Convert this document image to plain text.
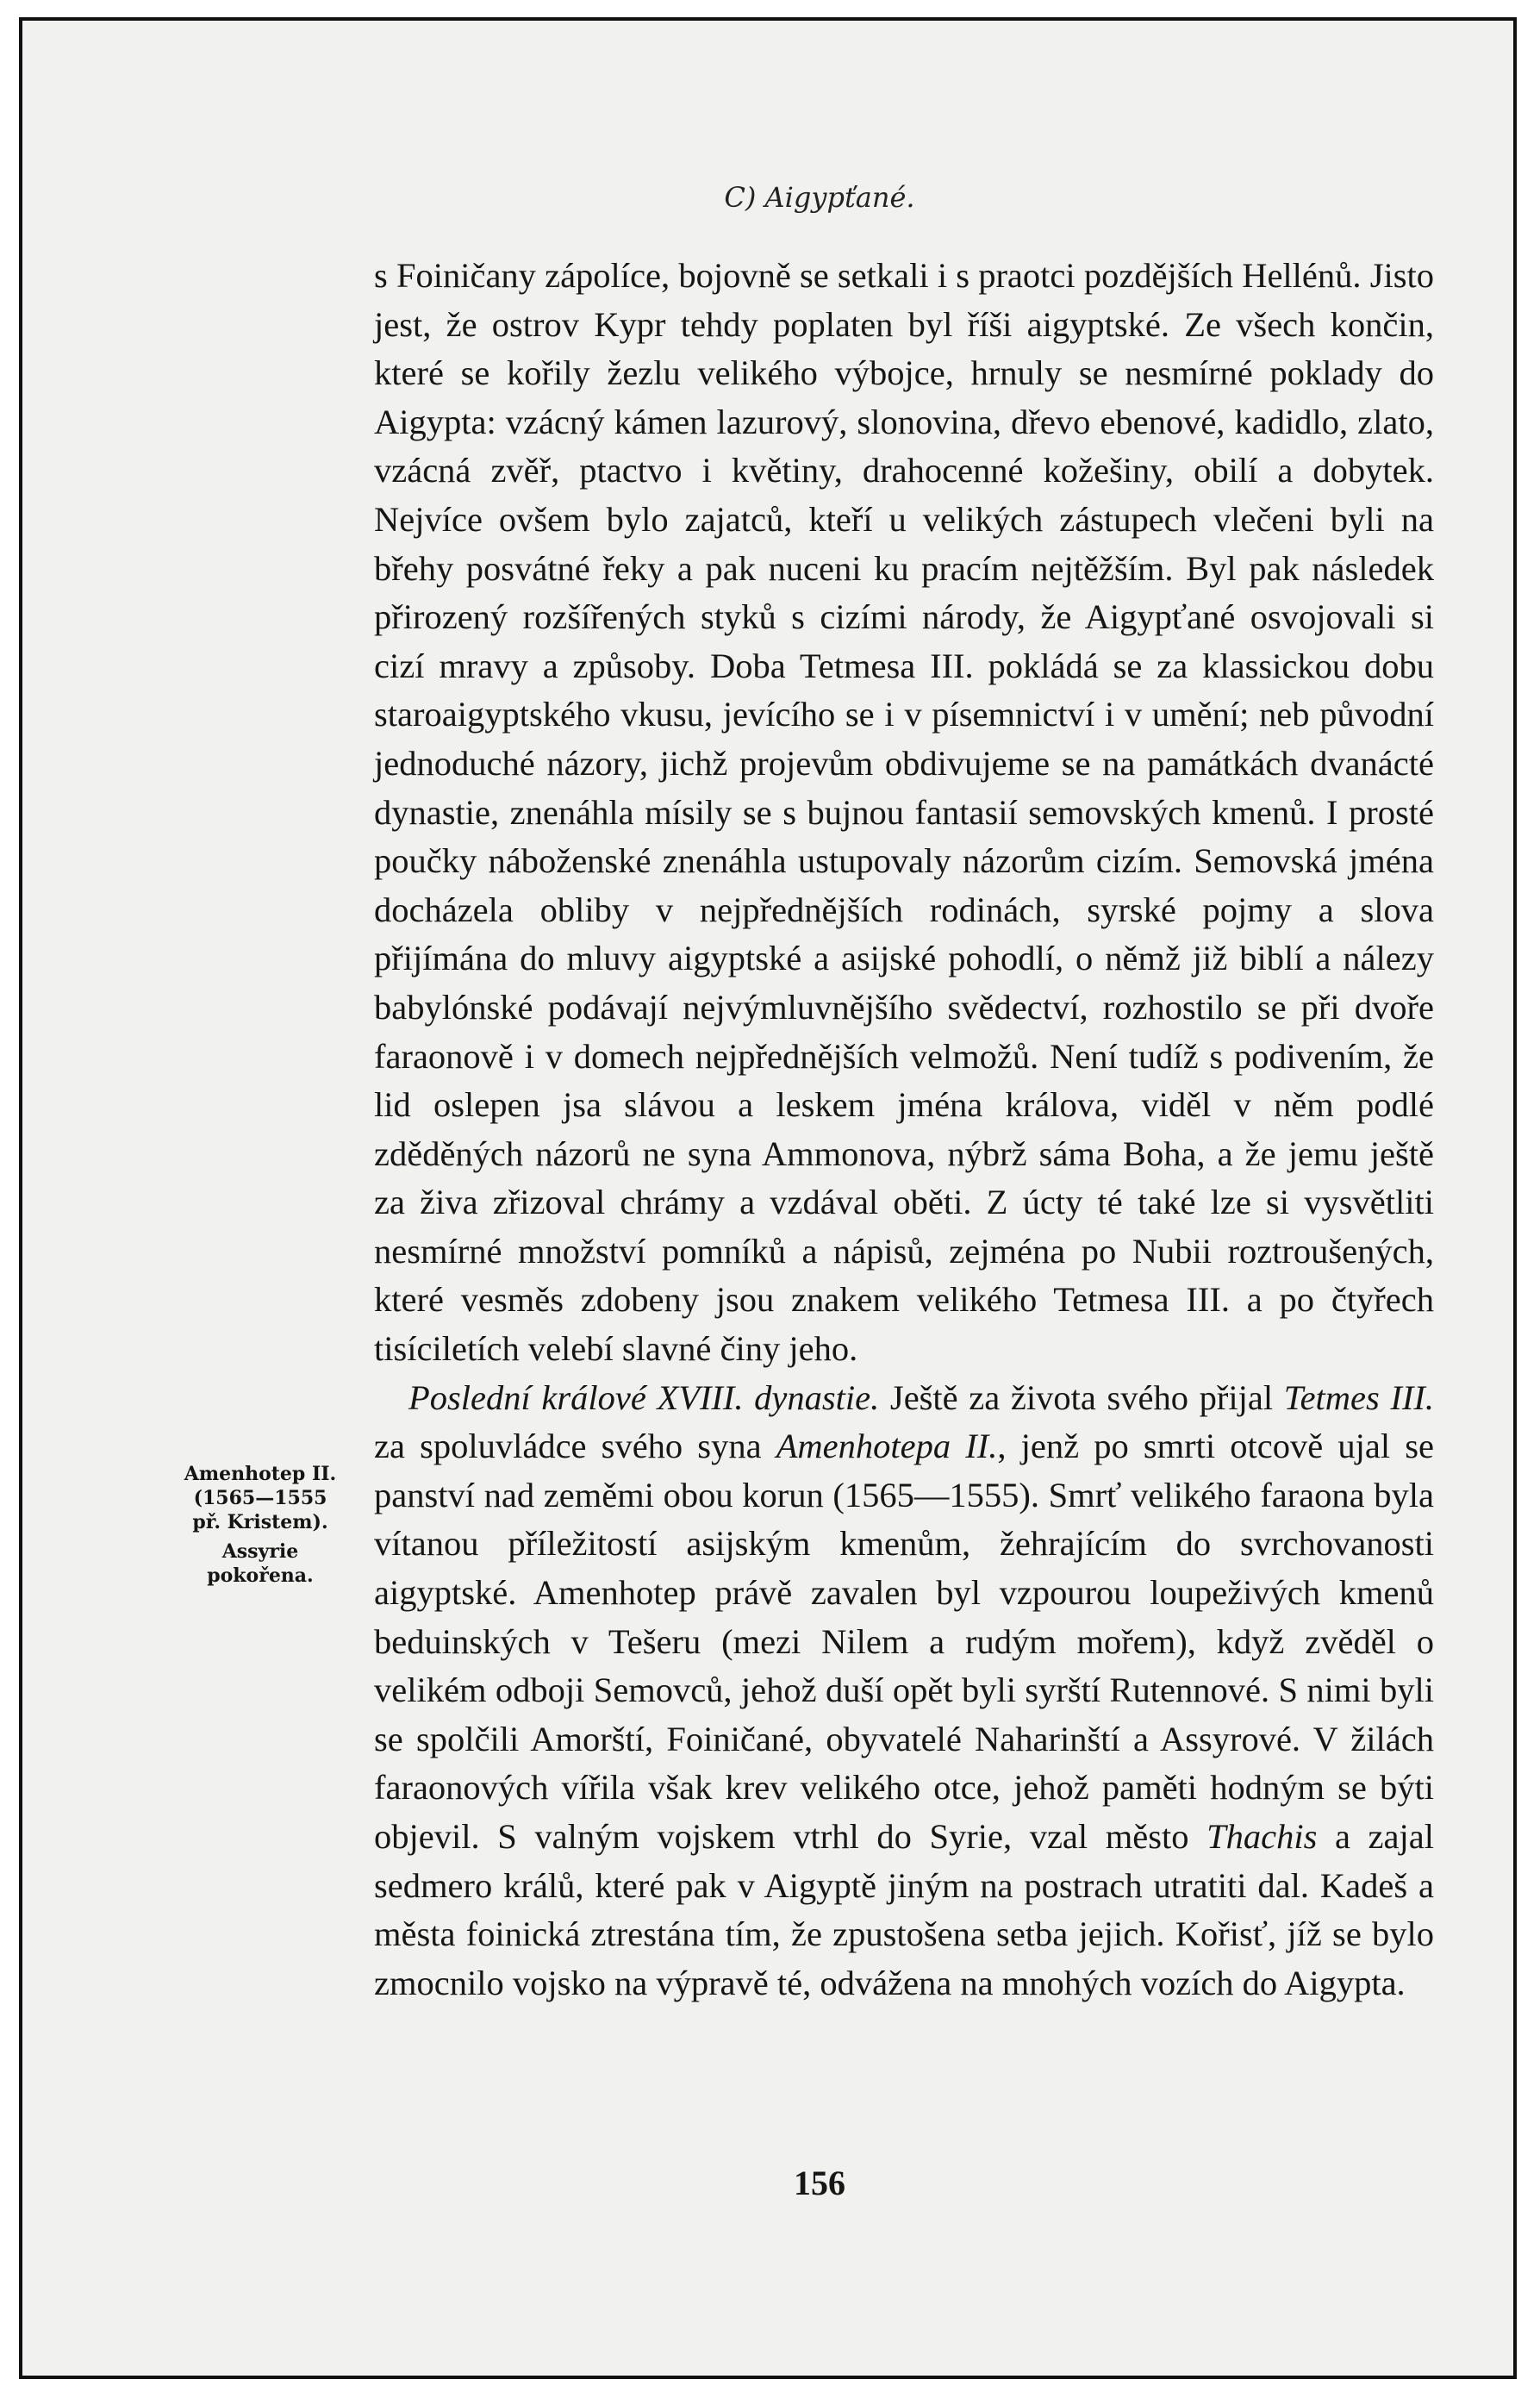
C) Aigypťané.

s Foiničany zápolíce, bojovně se setkali i s praotci pozdějších Hellénů. Jisto jest, že ostrov Kypr tehdy poplaten byl říši aigyptské. Ze všech končin, které se kořily žezlu velikého výbojce, hrnuly se nesmírné poklady do Aigypta: vzácný kámen lazurový, slonovina, dřevo ebenové, kadidlo, zlato, vzácná zvěř, ptactvo i květiny, drahocenné kožešiny, obilí a dobytek. Nejvíce ovšem bylo zajatců, kteří u velikých zástupech vlečeni byli na břehy posvátné řeky a pak nuceni ku pracím nejtěžším. Byl pak následek přirozený rozšířených styků s cizími národy, že Aigypťané osvojovali si cizí mravy a způsoby. Doba Tetmesa III. pokládá se za klassickou dobu staroaigyptského vkusu, jevícího se i v písemnictví i v umění; neb původní jednoduché názory, jichž projevům obdivujeme se na památkách dvanácté dynastie, znenáhla mísily se s bujnou fantasií semovských kmenů. I prosté poučky náboženské znenáhla ustupovaly názorům cizím. Semovská jména docházela obliby v nejpřednějších rodinách, syrské pojmy a slova přijímána do mluvy aigyptské a asijské pohodlí, o němž již biblí a nálezy babylónské podávají nejvýmluvnějšího svědectví, rozhostilo se při dvoře faraonově i v domech nejpřednějších velmožů. Není tudíž s podivením, že lid oslepen jsa slávou a leskem jména králova, viděl v něm podlé zděděných názorů ne syna Ammonova, nýbrž sáma Boha, a že jemu ještě za živa zřizoval chrámy a vzdával oběti. Z úcty té také lze si vysvětliti nesmírné množství pomníků a nápisů, zejména po Nubii roztroušených, které vesměs zdobeny jsou znakem velikého Tetmesa III. a po čtyřech tisíciletích velebí slavné činy jeho.

Poslední králové XVIII. dynastie. Ještě za života svého přijal Tetmes III. za spoluvládce svého syna Amenhotepa II., jenž po smrti otcově ujal se panství nad zeměmi obou korun (1565—1555). Smrť velikého faraona byla vítanou příležitostí asijským kmenům, žehrajícím do svrchovanosti aigyptské. Amenhotep právě zavalen byl vzpourou loupeživých kmenů beduinských v Tešeru (mezi Nilem a rudým mořem), když zvěděl o velikém odboji Semovců, jehož duší opět byli syrští Rutennové. S nimi byli se spolčili Amorští, Foiničané, obyvatelé Naharinští a Assyrové. V žilách faraonových vířila však krev velikého otce, jehož paměti hodným se býti objevil. S valným vojskem vtrhl do Syrie, vzal město Thachis a zajal sedmero králů, které pak v Aigyptě jiným na postrach utratiti dal. Kadeš a města foinická ztrestána tím, že zpustošena setba jejich. Kořisť, jíž se bylo zmocnilo vojsko na výpravě té, odvážena na mnohých vozích do Aigypta.

Amenhotep II. (1565—1555 př. Kristem).
Assyrie pokořena.
156
